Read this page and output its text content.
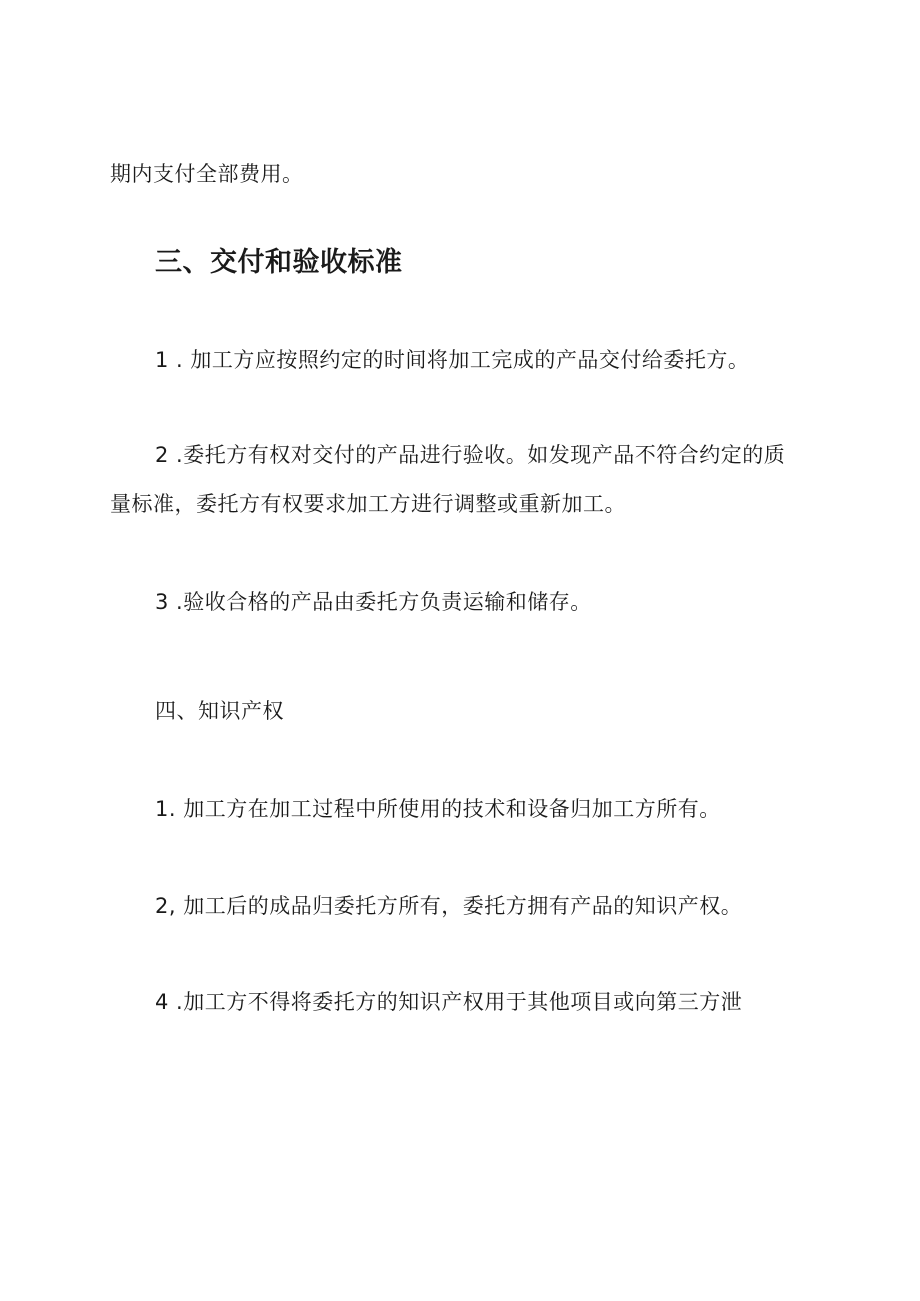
期内支付全部费用。
三、交付和验收标准
1 . 加工方应按照约定的时间将加工完成的产品交付给委托方。
2 .委托方有权对交付的产品进行验收。如发现产品不符合约定的质
量标准，委托方有权要求加工方进行调整或重新加工。
3 .验收合格的产品由委托方负责运输和储存。
四、知识产权
1. 加工方在加工过程中所使用的技术和设备归加工方所有。
2, 加工后的成品归委托方所有，委托方拥有产品的知识产权。
4 .加工方不得将委托方的知识产权用于其他项目或向第三方泄
